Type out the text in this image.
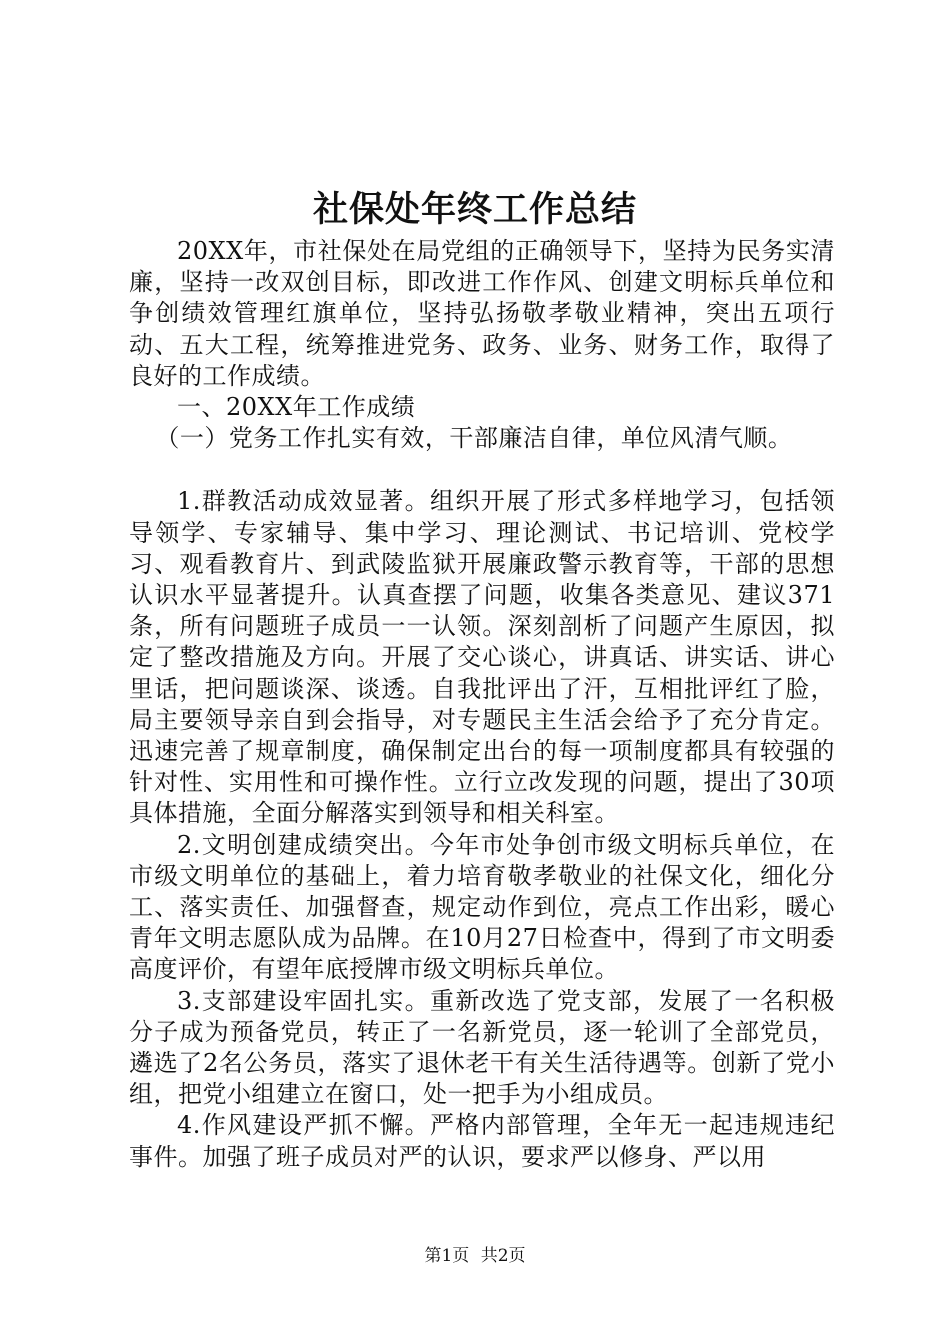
社保处年终工作总结

20XX年，市社保处在局党组的正确领导下，坚持为民务实清廉，坚持一改双创目标，即改进工作作风、创建文明标兵单位和争创绩效管理红旗单位，坚持弘扬敬孝敬业精神，突出五项行动、五大工程，统筹推进党务、政务、业务、财务工作，取得了良好的工作成绩。

一、20XX年工作成绩

（一）党务工作扎实有效，干部廉洁自律，单位风清气顺。

1.群教活动成效显著。组织开展了形式多样地学习，包括领导领学、专家辅导、集中学习、理论测试、书记培训、党校学习、观看教育片、到武陵监狱开展廉政警示教育等，干部的思想认识水平显著提升。认真查摆了问题，收集各类意见、建议371条，所有问题班子成员一一认领。深刻剖析了问题产生原因，拟定了整改措施及方向。开展了交心谈心，讲真话、讲实话、讲心里话，把问题谈深、谈透。自我批评出了汗，互相批评红了脸，局主要领导亲自到会指导，对专题民主生活会给予了充分肯定。迅速完善了规章制度，确保制定出台的每一项制度都具有较强的针对性、实用性和可操作性。立行立改发现的问题，提出了30项具体措施，全面分解落实到领导和相关科室。

2.文明创建成绩突出。今年市处争创市级文明标兵单位，在市级文明单位的基础上，着力培育敬孝敬业的社保文化，细化分工、落实责任、加强督查，规定动作到位，亮点工作出彩，暖心青年文明志愿队成为品牌。在10月27日检查中，得到了市文明委高度评价，有望年底授牌市级文明标兵单位。

3.支部建设牢固扎实。重新改选了党支部，发展了一名积极分子成为预备党员，转正了一名新党员，逐一轮训了全部党员，遴选了2名公务员，落实了退休老干有关生活待遇等。创新了党小组，把党小组建立在窗口，处一把手为小组成员。

4.作风建设严抓不懈。严格内部管理，全年无一起违规违纪事件。加强了班子成员对严的认识，要求严以修身、严以用

第1页 共2页
